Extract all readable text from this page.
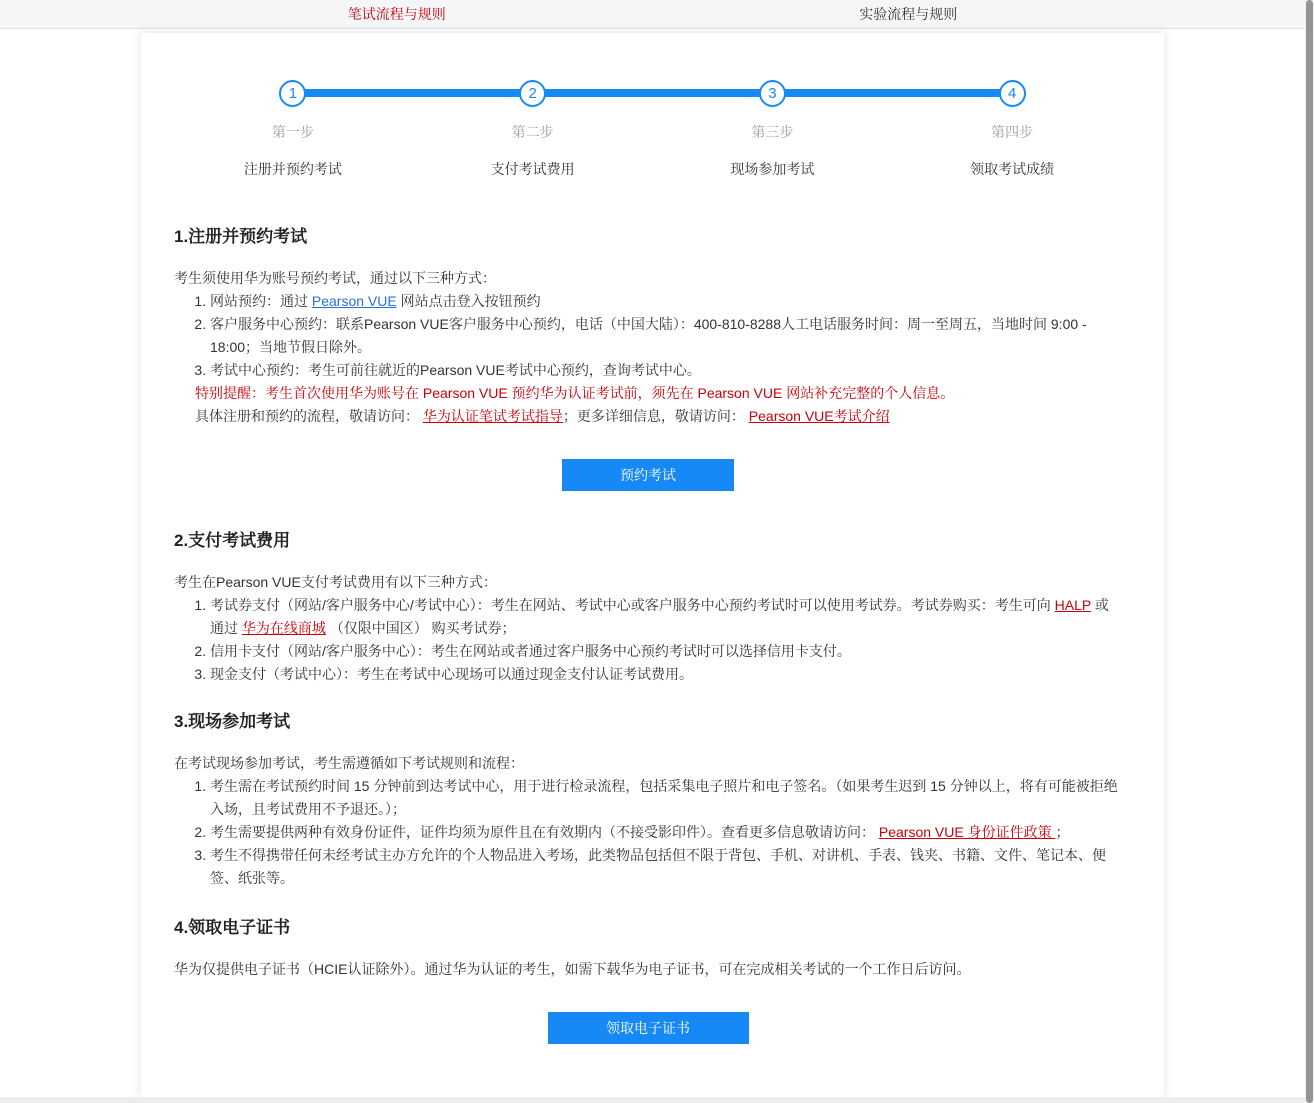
笔试流程与规则	实验流程与规则
1
第一步
注册并预约考试
2
第二步
支付考试费用
3
第三步
现场参加考试
4
第四步
领取考试成绩
1.注册并预约考试
考生须使用华为账号预约考试，通过以下三种方式：
1. 网站预约：通过 Pearson VUE 网站点击登入按钮预约
2. 客户服务中心预约：联系Pearson VUE客户服务中心预约，电话（中国大陆）：400-810-8288人工电话服务时间：周一至周五，当地时间 9:00 - 18:00；当地节假日除外。
3. 考试中心预约：考生可前往就近的Pearson VUE考试中心预约，查询考试中心。
特别提醒：考生首次使用华为账号在 Pearson VUE 预约华为认证考试前，须先在 Pearson VUE 网站补充完整的个人信息。
具体注册和预约的流程，敬请访问： 华为认证笔试考试指导；更多详细信息，敬请访问： Pearson VUE考试介绍
预约考试
2.支付考试费用
考生在Pearson VUE支付考试费用有以下三种方式：
1. 考试券支付（网站/客户服务中心/考试中心）：考生在网站、考试中心或客户服务中心预约考试时可以使用考试券。考试券购买：考生可向 HALP 或通过 华为在线商城 （仅限中国区） 购买考试券；
2. 信用卡支付（网站/客户服务中心）：考生在网站或者通过客户服务中心预约考试时可以选择信用卡支付。
3. 现金支付（考试中心）：考生在考试中心现场可以通过现金支付认证考试费用。
3.现场参加考试
在考试现场参加考试，考生需遵循如下考试规则和流程：
1. 考生需在考试预约时间 15 分钟前到达考试中心，用于进行检录流程，包括采集电子照片和电子签名。（如果考生迟到 15 分钟以上，将有可能被拒绝入场，且考试费用不予退还。）；
2. 考生需要提供两种有效身份证件，证件均须为原件且在有效期内（不接受影印件）。查看更多信息敬请访问： Pearson VUE 身份证件政策 ；
3. 考生不得携带任何未经考试主办方允许的个人物品进入考场，此类物品包括但不限于背包、手机、对讲机、手表、钱夹、书籍、文件、笔记本、便签、纸张等。
4.领取电子证书
华为仅提供电子证书（HCIE认证除外）。通过华为认证的考生，如需下载华为电子证书，可在完成相关考试的一个工作日后访问。
领取电子证书
